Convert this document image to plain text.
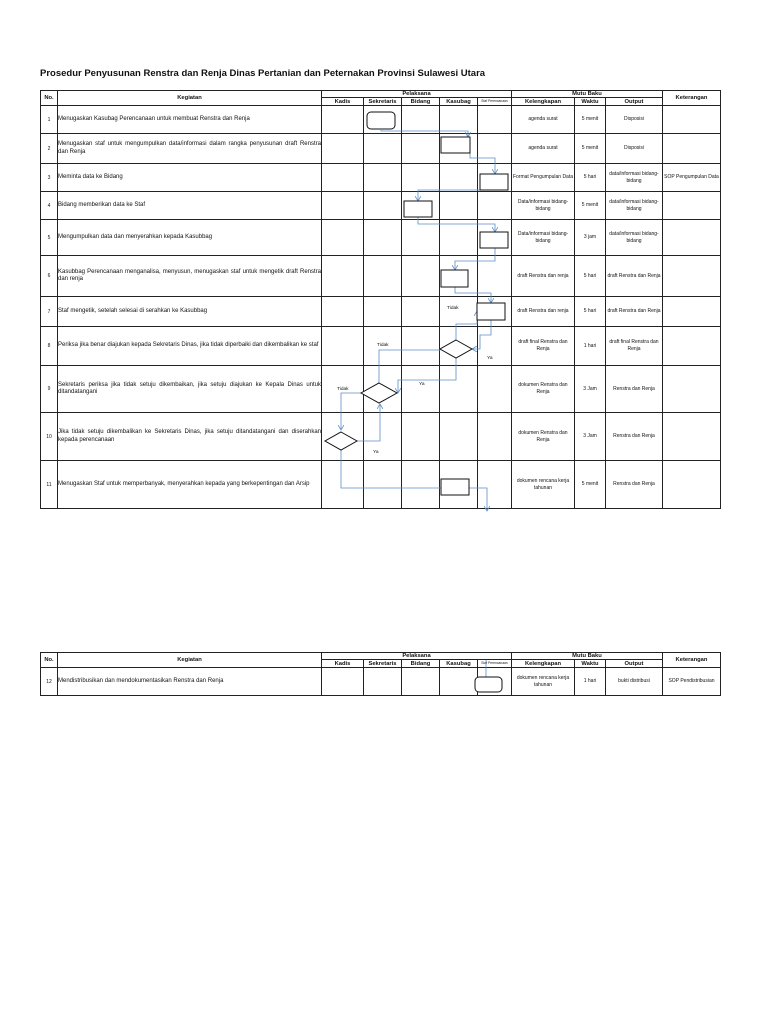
Prosedur Penyusunan Renstra dan Renja Dinas Pertanian dan Peternakan Provinsi Sulawesi Utara
No.	Kegiatan	Pelaksana					Mutu Baku			Keterangan
		Kadis	Sekretaris	Bidang	Kasubag	Staf Perencanaan	Kelengkapan	Waktu	Output	
1	Menugaskan Kasubag Perencanaan untuk membuat Renstra dan Renja						agenda surat	5 menit	Disposisi	
2	Menugaskan staf untuk mengumpulkan data/informasi dalam rangka penyusunan draft Renstra dan Renja						agenda surat	5 menit	Disposisi	
3	Meminta data ke Bidang						Format Pengumpulan Data	5 hari	data/informasi bidang-bidang	SOP Pengumpulan Data
4	Bidang memberikan data ke Staf						Data/informasi bidang-bidang	5 menit	data/informasi bidang-bidang	
5	Mengumpulkan data dan menyerahkan kepada Kasubbag						Data/informasi bidang-bidang	3 jam	data/informasi bidang-bidang	
6	Kasubbag Perencanaan menganalisa, menyusun, menugaskan staf untuk mengetik draft Renstra dan renja						draft Renstra dan renja	5 hari	draft Renstra dan Renja	
7	Staf mengetik, setelah selesai di serahkan ke Kasubbag						draft Renstra dan renja	5 hari	draft Renstra dan Renja	
8	Periksa jika benar diajukan kepada Sekretaris Dinas, jika tidak diperbaiki dan dikembalikan ke staf						draft final Renstra dan Renja	1 hari	draft final Renstra dan Renja	
9	Sekretaris periksa jika tidak setuju dikembaikan, jika setuju diajukan ke Kepala Dinas untuk ditandatangani						dokumen Renstra dan Renja	3 Jam	Renstra dan Renja	
10	Jika tidak setuju dikembalikan ke Sekretaris Dinas, jika setuju ditandatangani dan diserahkan kepada perencanaan						dokumen Renstra dan Renja	3 Jam	Renstra dan Renja	
11	Menugaskan Staf untuk memperbanyak, menyerahkan kepada yang berkepentingan dan Arsip						dokumen rencana kerja tahunan	5 menit	Renstra dan Renja	
No.	Kegiatan	Pelaksana					Mutu Baku			Keterangan
		Kadis	Sekretaris	Bidang	Kasubag	Staf Perencanaan	Kelengkapan	Waktu	Output	
12	Mendistribusikan dan mendokumentasikan Renstra dan Renja						dokumen rencana kerja tahunan	1 hari	bukti distribusi	SOP Pendistribusian
Tidak
Tidak
Ya
Ya
Tidak
Ya
